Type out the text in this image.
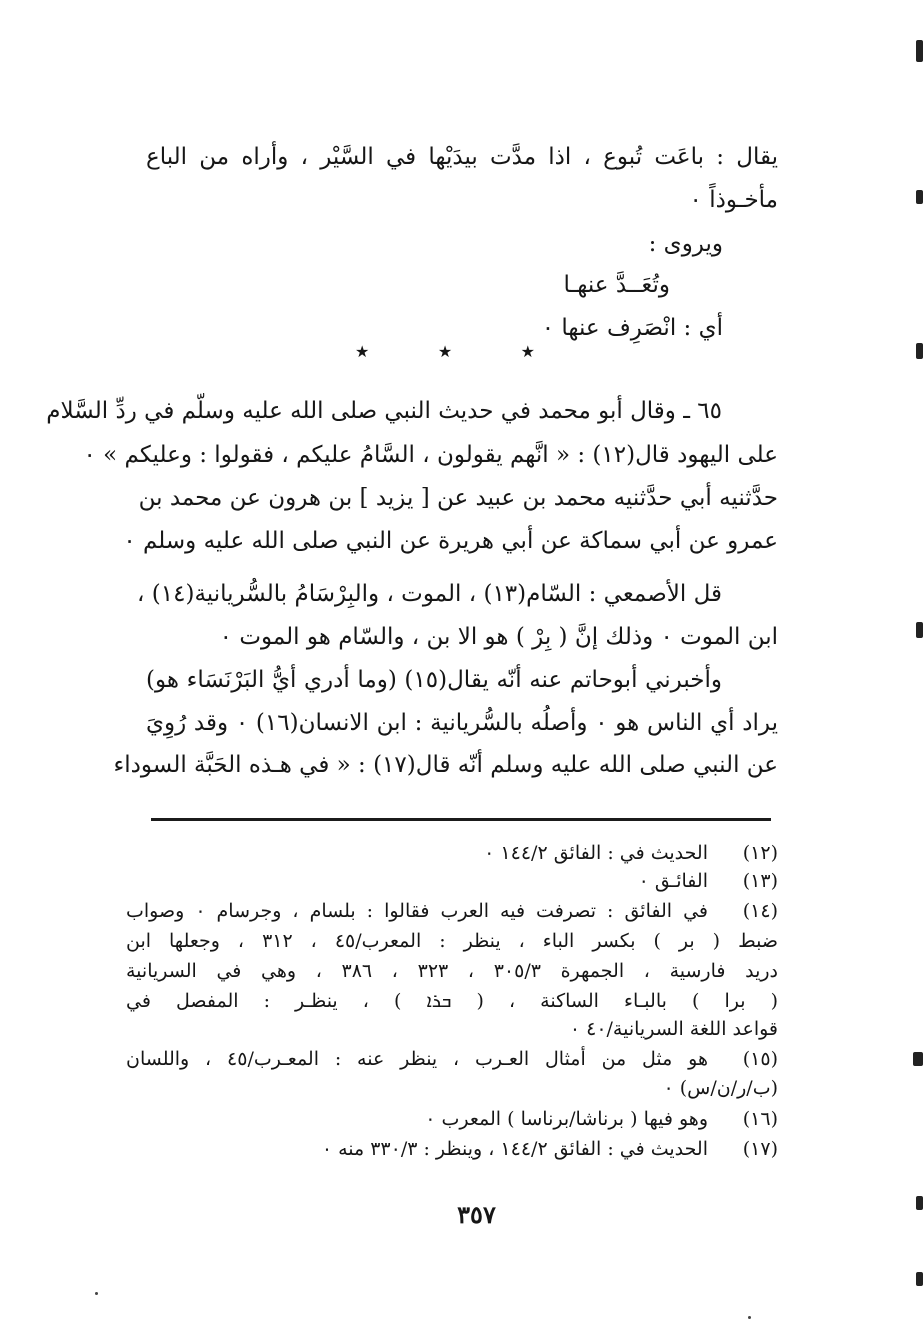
يقال : باعَت تُبوع ، اذا مدَّت بيدَيْها في السَّيْر ، وأراه من الباع
مأخـوذاً ٠
ويروى :
وتُعَــدَّ عنهـا
أي : انْصَرِف عنها ٠
★	★	★
٦٥ ـ وقال أبو محمد في حديث النبي صلى الله عليه وسلّم في ردِّ السَّلام
على اليهود قال(١٢) : « انَّهم يقولون ، السَّامُ عليكم ، فقولوا : وعليكم » ٠
حدَّثنيه أبي حدَّثنيه محمد بن عبيد عن [ يزيد ] بن هرون عن محمد بن
عمرو عن أبي سماكة عن أبي هريرة عن النبي صلى الله عليه وسلم ٠
قل الأصمعي : السّام(١٣) ، الموت ، والبِرْسَامُ بالسُّريانية(١٤) ،
ابن الموت ٠ وذلك إنَّ ( بِرْ ) هو الا بن ، والسّام هو الموت ٠
وأخبرني أبوحاتم عنه أنّه يقال(١٥) (وما أدري أيُّ البَرْنَسَاء هو)
يراد أي الناس هو ٠ وأصلُه بالسُّريانية : ابن الانسان(١٦) ٠ وقد رُوِيَ
عن النبي صلى الله عليه وسلم أنّه قال(١٧) : « في هـذه الحَبَّة السوداء
(١٢)الحديث في : الفائق ١٤٤/٢ ٠
(١٣)الفائـق ٠
(١٤)في الفائق : تصرفت فيه العرب فقالوا : بلسام ، وجرسام ٠ وصواب
ضبط ( بر ) بكسر الباء ، ينظر : المعرب/٤٥ ، ٣١٢ ، وجعلها ابن
دريد فارسية ، الجمهرة ٣٠٥/٣ ، ٣٢٣ ، ٣٨٦ ، وهي في السريانية
( برا ) بالبـاء الساكنة ، ( ܒܪܐ ) ، ينظـر : المفصل في
قواعد اللغة السريانية/٤٠ ٠
(١٥)هو مثل من أمثال العـرب ، ينظر عنه : المعـرب/٤٥ ، واللسان
(ب/ر/ن/س) ٠
(١٦)وهو فيها ( برناشا/برناسا ) المعرب ٠
(١٧)الحديث في : الفائق ١٤٤/٢ ، وينظر : ٣٣٠/٣ منه ٠
٣٥٧
